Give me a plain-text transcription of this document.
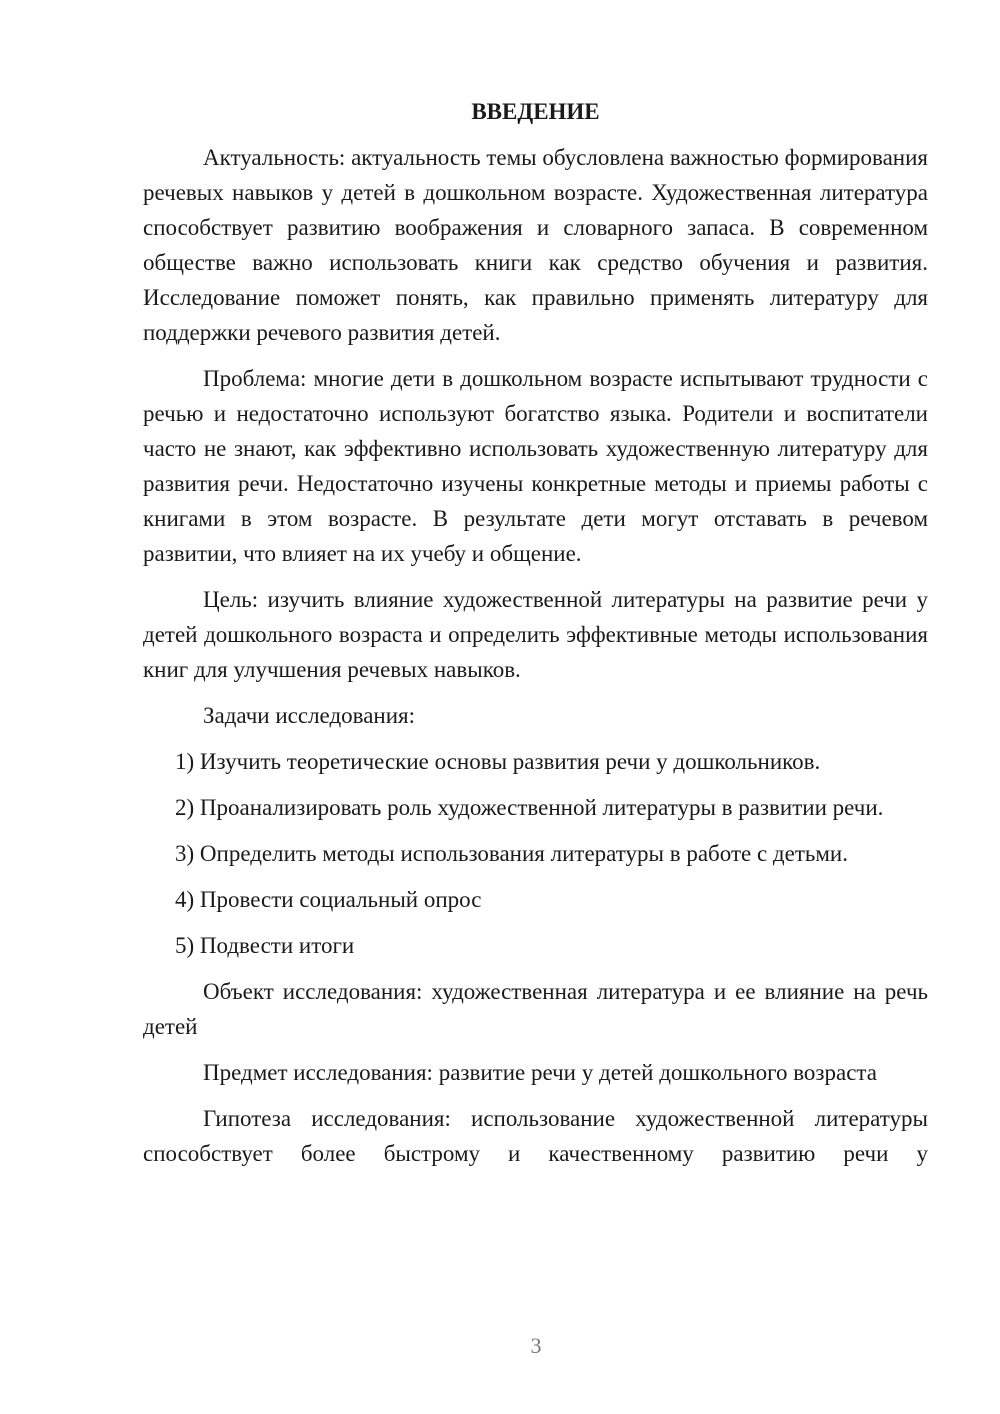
ВВЕДЕНИЕ

Актуальность: актуальность темы обусловлена важностью формирования речевых навыков у детей в дошкольном возрасте. Художественная литература способствует развитию воображения и словарного запаса. В современном обществе важно использовать книги как средство обучения и развития. Исследование поможет понять, как правильно применять литературу для поддержки речевого развития детей.

Проблема: многие дети в дошкольном возрасте испытывают трудности с речью и недостаточно используют богатство языка. Родители и воспитатели часто не знают, как эффективно использовать художественную литературу для развития речи. Недостаточно изучены конкретные методы и приемы работы с книгами в этом возрасте. В результате дети могут отставать в речевом развитии, что влияет на их учебу и общение.

Цель: изучить влияние художественной литературы на развитие речи у детей дошкольного возраста и определить эффективные методы использования книг для улучшения речевых навыков.

Задачи исследования:

1) Изучить теоретические основы развития речи у дошкольников.

2) Проанализировать роль художественной литературы в развитии речи.

3) Определить методы использования литературы в работе с детьми.

4) Провести социальный опрос

5) Подвести итоги

Объект исследования: художественная литература и ее влияние на речь детей

Предмет исследования: развитие речи у детей дошкольного возраста

Гипотеза исследования: использование художественной литературы способствует более быстрому и качественному развитию речи у

3
